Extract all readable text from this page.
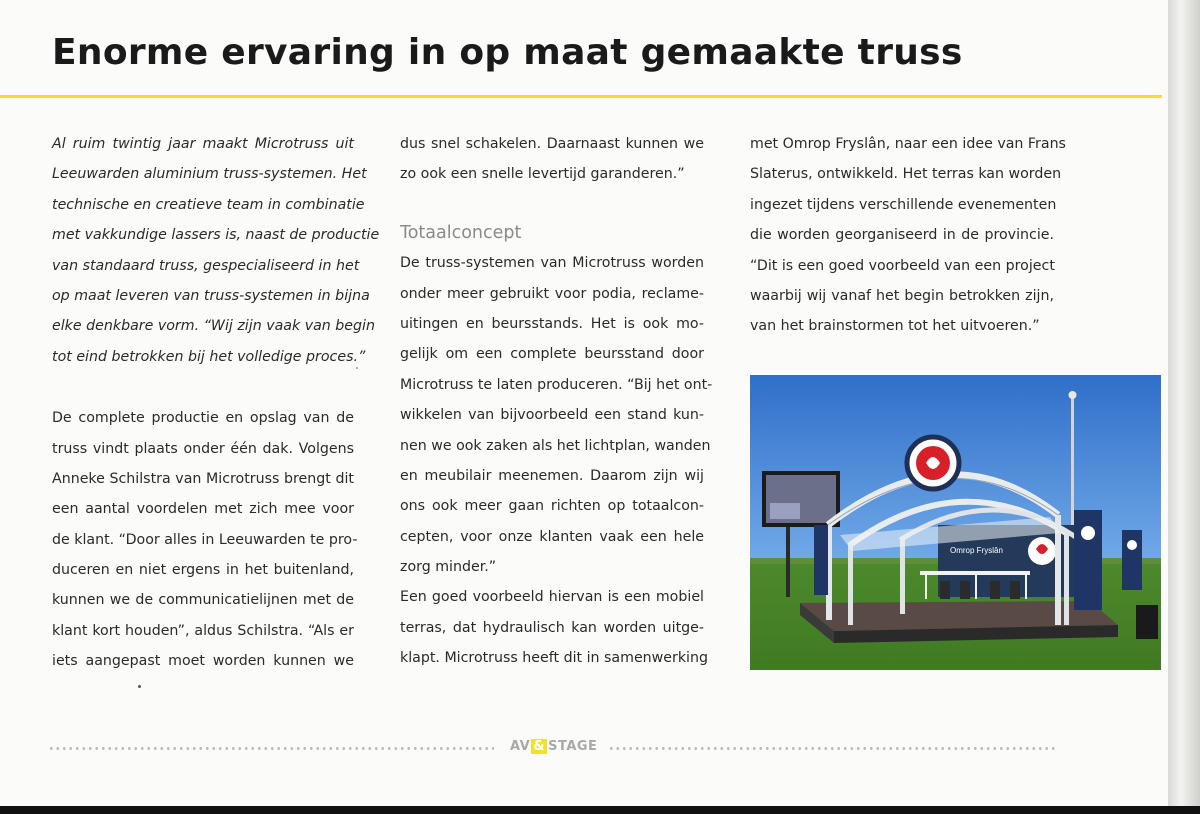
Enorme ervaring in op maat gemaakte truss
Al ruim twintig jaar maakt Microtruss uit
Leeuwarden aluminium truss-systemen. Het
technische en creatieve team in combinatie
met vakkundige lassers is, naast de productie
van standaard truss, gespecialiseerd in het
op maat leveren van truss-systemen in bijna
elke denkbare vorm. “Wij zijn vaak van begin
tot eind betrokken bij het volledige proces.”
De complete productie en opslag van de
truss vindt plaats onder één dak. Volgens
Anneke Schilstra van Microtruss brengt dit
een aantal voordelen met zich mee voor
de klant. “Door alles in Leeuwarden te pro-
duceren en niet ergens in het buitenland,
kunnen we de communicatielijnen met de
klant kort houden”, aldus Schilstra. “Als er
iets aangepast moet worden kunnen we
dus snel schakelen. Daarnaast kunnen we
zo ook een snelle levertijd garanderen.”
Totaalconcept
De truss-systemen van Microtruss worden
onder meer gebruikt voor podia, reclame-
uitingen en beursstands. Het is ook mo-
gelijk om een complete beursstand door
Microtruss te laten produceren. “Bij het ont-
wikkelen van bijvoorbeeld een stand kun-
nen we ook zaken als het lichtplan, wanden
en meubilair meenemen. Daarom zijn wij
ons ook meer gaan richten op totaalcon-
cepten, voor onze klanten vaak een hele
zorg minder.”
Een goed voorbeeld hiervan is een mobiel
terras, dat hydraulisch kan worden uitge-
klapt. Microtruss heeft dit in samenwerking
met Omrop Fryslân, naar een idee van Frans
Slaterus, ontwikkeld. Het terras kan worden
ingezet tijdens verschillende evenementen
die worden georganiseerd in de provincie.
“Dit is een goed voorbeeld van een project
waarbij wij vanaf het begin betrokken zijn,
van het brainstormen tot het uitvoeren.”
Omrop Fryslân
AV & STAGE
